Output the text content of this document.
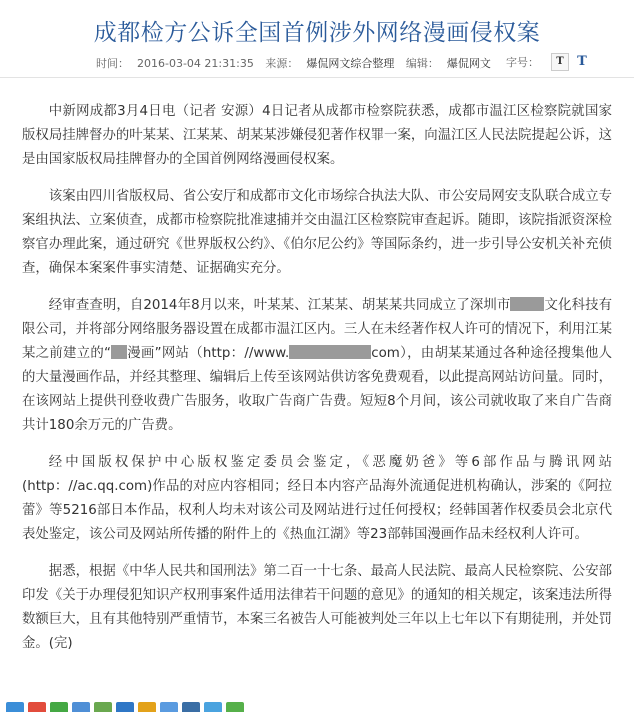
成都检方公诉全国首例涉外网络漫画侵权案
时间： 2016-03-04 21:31:35 来源： 爆侃网文综合整理 编辑： 爆侃网文	字号：	T	T

中新网成都3月4日电（记者 安源）4日记者从成都市检察院获悉，成都市温江区检察院就国家版权局挂牌督办的叶某某、江某某、胡某某涉嫌侵犯著作权罪一案，向温江区人民法院提起公诉，这是由国家版权局挂牌督办的全国首例网络漫画侵权案。

该案由四川省版权局、省公安厅和成都市文化市场综合执法大队、市公安局网安支队联合成立专案组执法、立案侦查，成都市检察院批准逮捕并交由温江区检察院审查起诉。随即，该院指派资深检察官办理此案，通过研究《世界版权公约》、《伯尔尼公约》等国际条约，进一步引导公安机关补充侦查，确保本案案件事实清楚、证据确实充分。

经审查查明，自2014年8月以来，叶某某、江某某、胡某某共同成立了深圳市	文化科技有限公司，并将部分网络服务器设置在成都市温江区内。三人在未经著作权人许可的情况下，利用江某某之前建立的“ 漫画”网站（http：//www.	com），由胡某某通过各种途径搜集他人的大量漫画作品，并经其整理、编辑后上传至该网站供访客免费观看，以此提高网站访问量。同时，在该网站上提供刊登收费广告服务，收取广告商广告费。短短8个月间，该公司就收取了来自广告商共计180余万元的广告费。

经中国版权保护中心版权鉴定委员会鉴定，《恶魔奶爸》等6部作品与腾讯网站(http：//ac.qq.com)作品的对应内容相同；经日本内容产品海外流通促进机构确认，涉案的《阿拉蕾》等5216部日本作品，权利人均未对该公司及网站进行过任何授权；经韩国著作权委员会北京代表处鉴定，该公司及网站所传播的附件上的《热血江湖》等23部韩国漫画作品未经权利人许可。

据悉，根据《中华人民共和国刑法》第二百一十七条、最高人民法院、最高人民检察院、公安部印发《关于办理侵犯知识产权刑事案件适用法律若干问题的意见》的通知的相关规定，该案违法所得数额巨大，且有其他特别严重情节，本案三名被告人可能被判处三年以上七年以下有期徒刑，并处罚金。(完)
